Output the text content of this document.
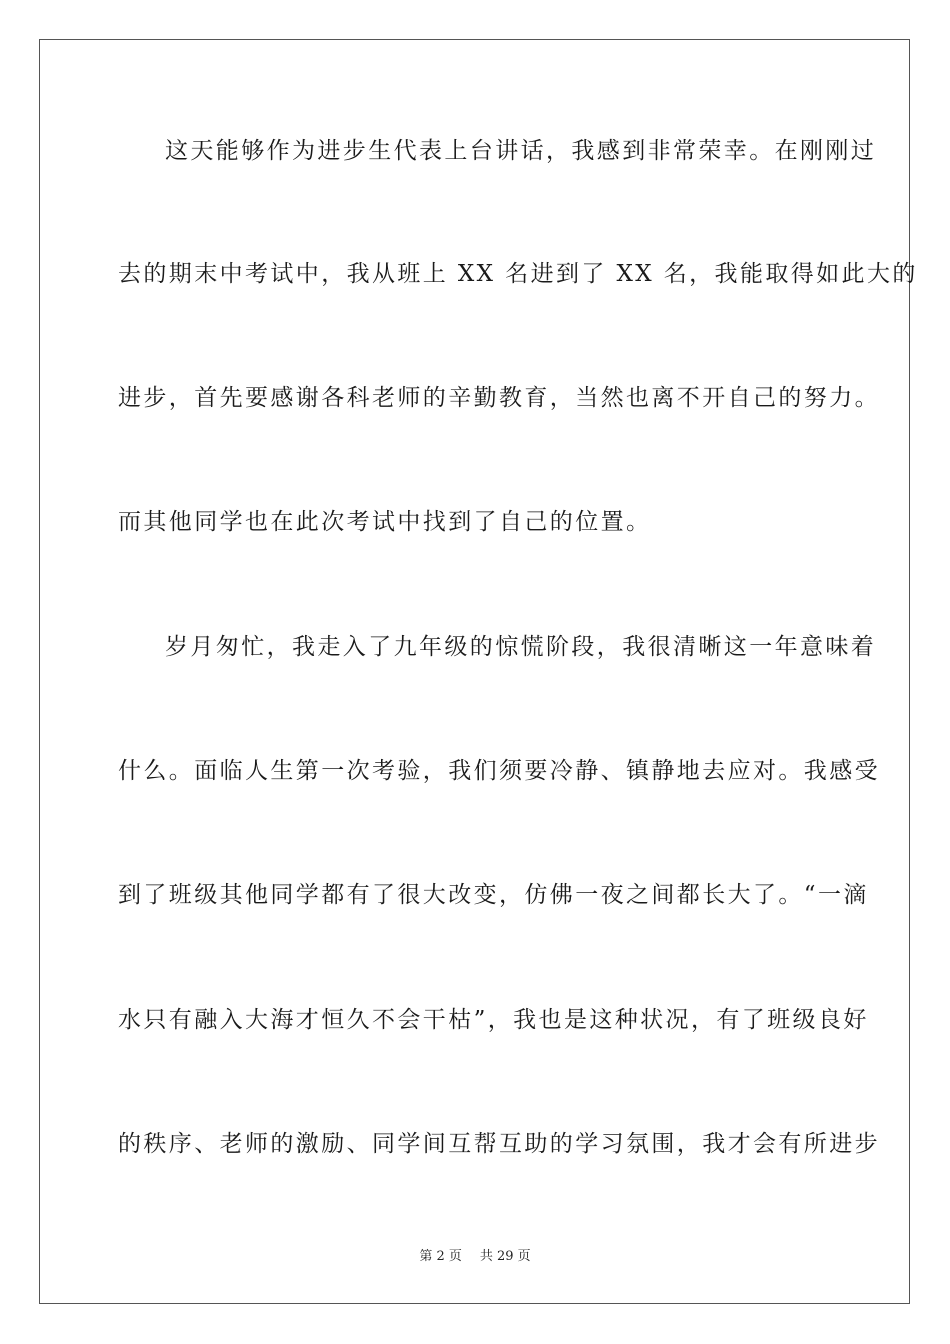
这天能够作为进步生代表上台讲话，我感到非常荣幸。在刚刚过
去的期末中考试中，我从班上 XX 名进到了 XX 名，我能取得如此大的
进步，首先要感谢各科老师的辛勤教育，当然也离不开自己的努力。
而其他同学也在此次考试中找到了自己的位置。
岁月匆忙，我走入了九年级的惊慌阶段，我很清晰这一年意味着
什么。面临人生第一次考验，我们须要冷静、镇静地去应对。我感受
到了班级其他同学都有了很大改变，仿佛一夜之间都长大了。“一滴
水只有融入大海才恒久不会干枯”，我也是这种状况，有了班级良好
的秩序、老师的激励、同学间互帮互助的学习氛围，我才会有所进步
第 2 页 共 29 页
